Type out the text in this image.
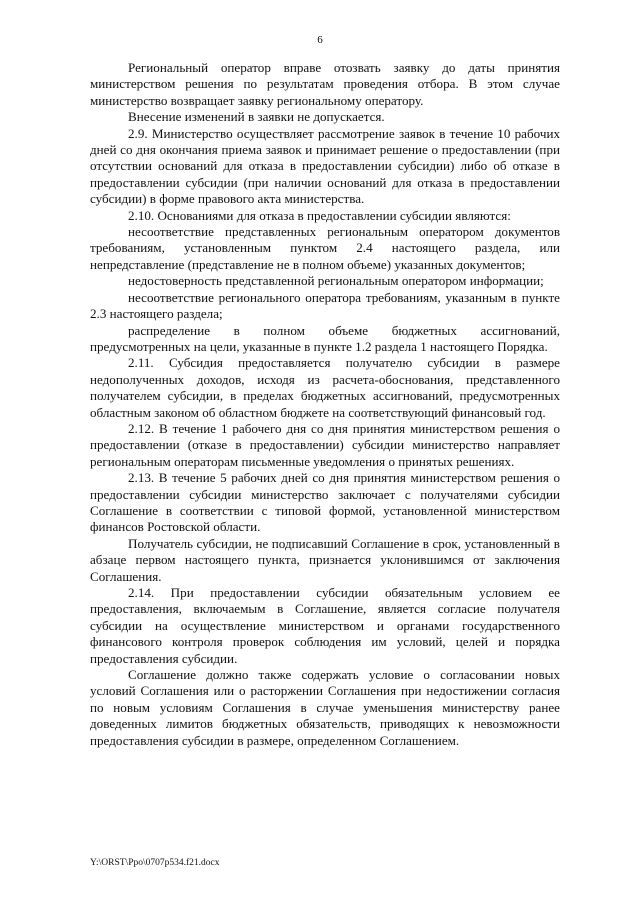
6

Региональный оператор вправе отозвать заявку до даты принятия министерством решения по результатам проведения отбора. В этом случае министерство возвращает заявку региональному оператору.

Внесение изменений в заявки не допускается.

2.9. Министерство осуществляет рассмотрение заявок в течение 10 рабочих дней со дня окончания приема заявок и принимает решение о предоставлении (при отсутствии оснований для отказа в предоставлении субсидии) либо об отказе в предоставлении субсидии (при наличии оснований для отказа в предоставлении субсидии) в форме правового акта министерства.

2.10. Основаниями для отказа в предоставлении субсидии являются:

несоответствие представленных региональным оператором документов требованиям, установленным пунктом 2.4 настоящего раздела, или непредставление (представление не в полном объеме) указанных документов;

недостоверность представленной региональным оператором информации;

несоответствие регионального оператора требованиям, указанным в пункте 2.3 настоящего раздела;

распределение в полном объеме бюджетных ассигнований, предусмотренных на цели, указанные в пункте 1.2 раздела 1 настоящего Порядка.

2.11. Субсидия предоставляется получателю субсидии в размере недополученных доходов, исходя из расчета-обоснования, представленного получателем субсидии, в пределах бюджетных ассигнований, предусмотренных областным законом об областном бюджете на соответствующий финансовый год.

2.12. В течение 1 рабочего дня со дня принятия министерством решения о предоставлении (отказе в предоставлении) субсидии министерство направляет региональным операторам письменные уведомления о принятых решениях.

2.13. В течение 5 рабочих дней со дня принятия министерством решения о предоставлении субсидии министерство заключает с получателями субсидии Соглашение в соответствии с типовой формой, установленной министерством финансов Ростовской области.

Получатель субсидии, не подписавший Соглашение в срок, установленный в абзаце первом настоящего пункта, признается уклонившимся от заключения Соглашения.

2.14. При предоставлении субсидии обязательным условием ее предоставления, включаемым в Соглашение, является согласие получателя субсидии на осуществление министерством и органами государственного финансового контроля проверок соблюдения им условий, целей и порядка предоставления субсидии.

Соглашение должно также содержать условие о согласовании новых условий Соглашения или о расторжении Соглашения при недостижении согласия по новым условиям Соглашения в случае уменьшения министерству ранее доведенных лимитов бюджетных обязательств, приводящих к невозможности предоставления субсидии в размере, определенном Соглашением.

Y:\ORST\Ppo\0707p534.f21.docx
